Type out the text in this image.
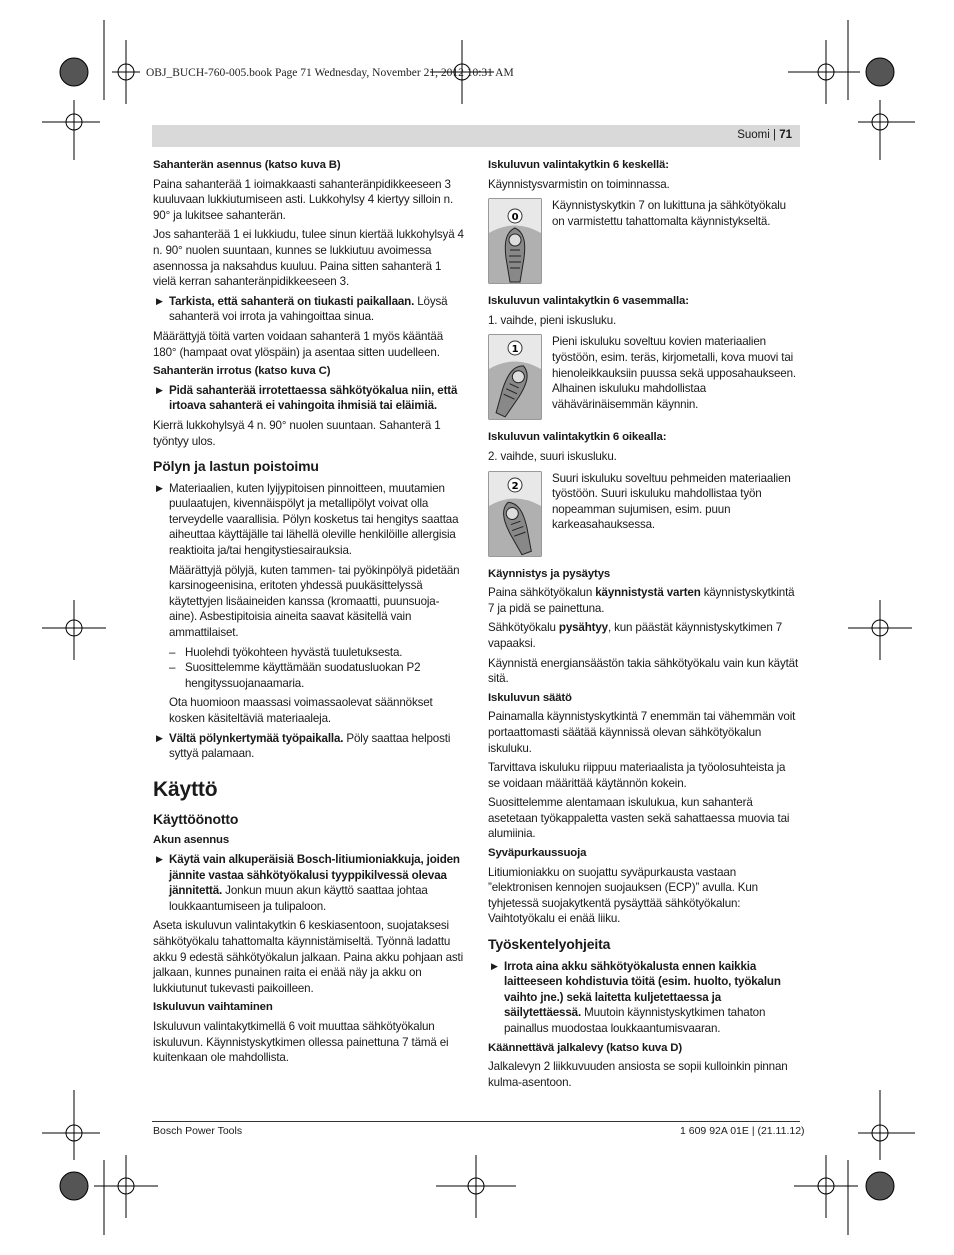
OBJ_BUCH-760-005.book Page 71 Wednesday, November 21, 2012 10:31 AM
Suomi | 71
Sahanterän asennus (katso kuva B)

Paina sahanterää 1 ioimakkaasti sahanteränpidikkeeseen 3 kuuluvaan lukkiutumiseen asti. Lukkohylsy 4 kiertyy silloin n. 90° ja lukitsee sahanterän.

Jos sahanterää 1 ei lukkiudu, tulee sinun kiertää lukkohylsyä 4 n. 90° nuolen suuntaan, kunnes se lukkiutuu avoimessa asennossa ja naksahdus kuuluu. Paina sitten sahanterä 1 vielä kerran sahanteränpidikkeeseen 3.

▶ Tarkista, että sahanterä on tiukasti paikallaan. Löysä sahanterä voi irrota ja vahingoittaa sinua.

Määrättyjä töitä varten voidaan sahanterä 1 myös kääntää 180° (hampaat ovat ylöspäin) ja asentaa sitten uudelleen.

Sahanterän irrotus (katso kuva C)
▶ Pidä sahanterää irrotettaessa sähkötyökalua niin, että irtoava sahanterä ei vahingoita ihmisiä tai eläimiä.

Kierrä lukkohylsyä 4 n. 90° nuolen suuntaan. Sahanterä 1 työntyy ulos.

Pölyn ja lastun poistoimu
▶ Materiaalien, kuten lyijypitoisen pinnoitteen, muutamien puulaatujen, kivennäispölyt ja metallipölyt voivat olla terveydelle vaarallisia. Pölyn kosketus tai hengitys saattaa aiheuttaa käyttäjälle tai lähellä oleville henkilöille allergisia reaktioita ja/tai hengitystiesairauksia.
Määrättyjä pölyjä, kuten tammen- tai pyökinpölyä pidetään karsinogeenisina, eritoten yhdessä puukäsittelyssä käytettyjen lisäaineiden kanssa (kromaatti, puunsuoja-aine). Asbestipitoisia aineita saavat käsitellä vain ammattilaiset.
– Huolehdi työkohteen hyvästä tuuletuksesta.
– Suosittelemme käyttämään suodatusluokan P2 hengityssuojanaamaria.
Ota huomioon maassasi voimassaolevat säännökset kosken käsiteltäviä materiaaleja.
▶ Vältä pölynkertymää työpaikalla. Pöly saattaa helposti syttyä palamaan.
Käyttö
Käyttöönotto
Akun asennus
▶ Käytä vain alkuperäisiä Bosch-litiumioniakkuja, joiden jännite vastaa sähkötyökalusi tyyppikilvessä olevaa jännitettä. Jonkun muun akun käyttö saattaa johtaa loukkaantumiseen ja tulipaloon.

Aseta iskuluvun valintakytkin 6 keskiasentoon, suojataksesi sähkötyökalu tahattomalta käynnistämiseltä. Työnnä ladattu akku 9 edestä sähkötyökalun jalkaan. Paina akku pohjaan asti jalkaan, kunnes punainen raita ei enää näy ja akku on lukkiutunut tukevasti paikoilleen.

Iskuluvun vaihtaminen

Iskuluvun valintakytkimellä 6 voit muuttaa sähkötyökalun iskuluvun. Käynnistyskytkimen ollessa painettuna 7 tämä ei kuitenkaan ole mahdollista.

Iskuluvun valintakytkin 6 keskellä:

Käynnistysvarmistin on toiminnassa.

0
Käynnistyskytkin 7 on lukittuna ja sähkötyökalu on varmistettu tahattomalta käynnistykseltä.
Iskuluvun valintakytkin 6 vasemmalla:

1. vaihde, pieni iskusluku.

1
Pieni iskuluku soveltuu kovien materiaalien työstöön, esim. teräs, kirjometalli, kova muovi tai hienoleikkauksiin puussa sekä upposahaukseen. Alhainen iskuluku mahdollistaa vähävärinäisemmän käynnin.
Iskuluvun valintakytkin 6 oikealla:

2. vaihde, suuri iskusluku.

2
Suuri iskuluku soveltuu pehmeiden materiaalien työstöön. Suuri iskuluku mahdollistaa työn nopeamman sujumisen, esim. puun karkeasahauksessa.
Käynnistys ja pysäytys

Paina sähkötyökalun käynnistystä varten käynnistyskytkintä 7 ja pidä se painettuna.

Sähkötyökalu pysähtyy, kun päästät käynnistyskytkimen 7 vapaaksi.

Käynnistä energiansäästön takia sähkötyökalu vain kun käytät sitä.

Iskuluvun säätö

Painamalla käynnistyskytkintä 7 enemmän tai vähemmän voit portaattomasti säätää käynnissä olevan sähkötyökalun iskuluku.

Tarvittava iskuluku riippuu materiaalista ja työolosuhteista ja se voidaan määrittää käytännön kokein.

Suosittelemme alentamaan iskulukua, kun sahanterä asetetaan työkappaletta vasten sekä sahattaessa muovia tai alumiinia.

Syväpurkaussuoja

Litiumioniakku on suojattu syväpurkausta vastaan ”elektronisen kennojen suojauksen (ECP)” avulla. Kun tyhjetessä suojakytkentä pysäyttää sähkötyökalun: Vaihtotyökalu ei enää liiku.

Työskentelyohjeita
▶ Irrota aina akku sähkötyökalusta ennen kaikkia laitteeseen kohdistuvia töitä (esim. huolto, työkalun vaihto jne.) sekä laitetta kuljetettaessa ja säilytettäessä. Muutoin käynnistyskytkimen tahaton painallus muodostaa loukkaantumisvaaran.
Käännettävä jalkalevy (katso kuva D)

Jalkalevyn 2 liikkuvuuden ansiosta se sopii kulloinkin pinnan kulma-asentoon.

Bosch Power Tools	1 609 92A 01E | (21.11.12)
